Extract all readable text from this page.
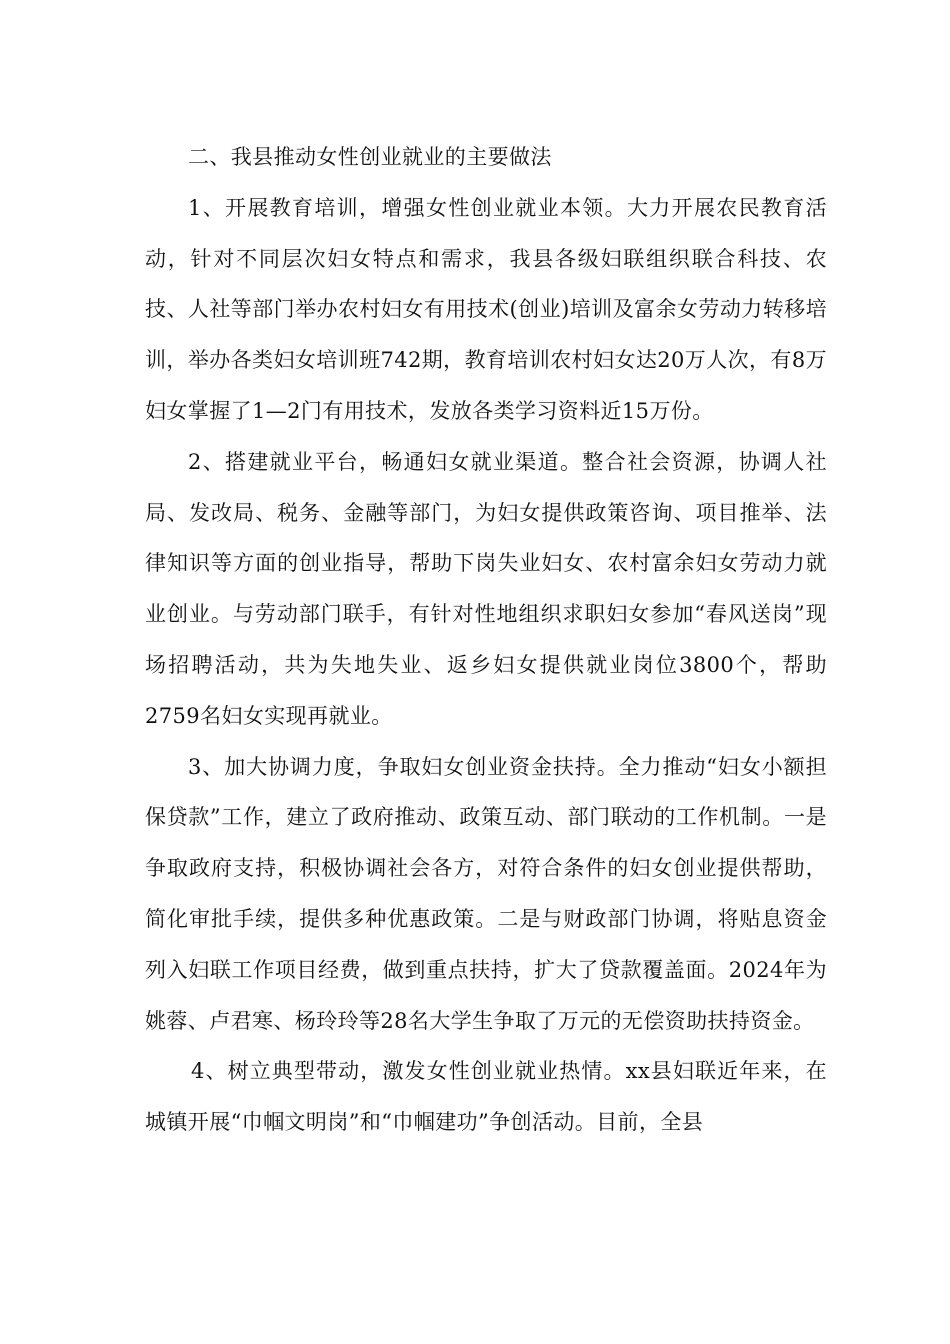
二、我县推动女性创业就业的主要做法

1、开展教育培训，增强女性创业就业本领。大力开展农民教育活动，针对不同层次妇女特点和需求，我县各级妇联组织联合科技、农技、人社等部门举办农村妇女有用技术(创业)培训及富余女劳动力转移培训，举办各类妇女培训班742期，教育培训农村妇女达20万人次，有8万妇女掌握了1—2门有用技术，发放各类学习资料近15万份。

2、搭建就业平台，畅通妇女就业渠道。整合社会资源，协调人社局、发改局、税务、金融等部门，为妇女提供政策咨询、项目推举、法律知识等方面的创业指导，帮助下岗失业妇女、农村富余妇女劳动力就业创业。与劳动部门联手，有针对性地组织求职妇女参加“春风送岗”现场招聘活动，共为失地失业、返乡妇女提供就业岗位3800个，帮助2759名妇女实现再就业。

3、加大协调力度，争取妇女创业资金扶持。全力推动“妇女小额担保贷款”工作，建立了政府推动、政策互动、部门联动的工作机制。一是争取政府支持，积极协调社会各方，对符合条件的妇女创业提供帮助，简化审批手续，提供多种优惠政策。二是与财政部门协调，将贴息资金列入妇联工作项目经费，做到重点扶持，扩大了贷款覆盖面。2024年为姚蓉、卢君寒、杨玲玲等28名大学生争取了万元的无偿资助扶持资金。

4、树立典型带动，激发女性创业就业热情。xx县妇联近年来，在城镇开展“巾帼文明岗”和“巾帼建功”争创活动。目前，全县
